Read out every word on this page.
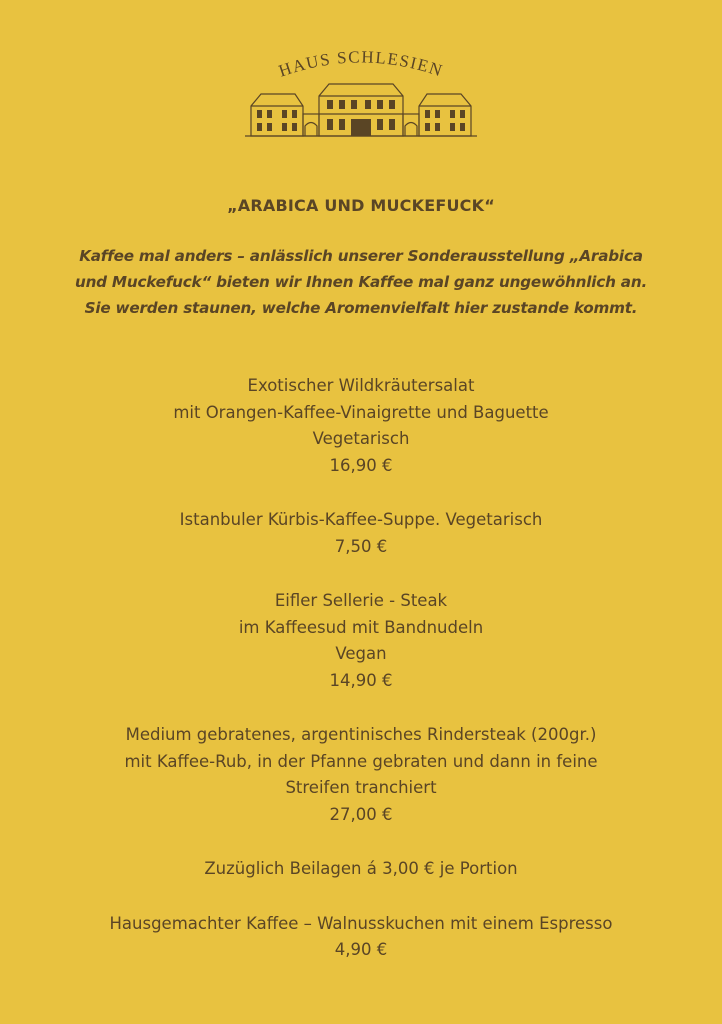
HAUS SCHLESIEN
„ARABICA UND MUCKEFUCK“
Kaffee mal anders – anlässlich unserer Sonderausstellung „Arabica
und Muckefuck“ bieten wir Ihnen Kaffee mal ganz ungewöhnlich an.
Sie werden staunen, welche Aromenvielfalt hier zustande kommt.
Exotischer Wildkräutersalat
mit Orangen-Kaffee-Vinaigrette und Baguette
Vegetarisch
16,90 €
Istanbuler Kürbis-Kaffee-Suppe. Vegetarisch
7,50 €
Eifler Sellerie - Steak
im Kaffeesud mit Bandnudeln
Vegan
14,90 €
Medium gebratenes, argentinisches Rindersteak (200gr.)
mit Kaffee-Rub, in der Pfanne gebraten und dann in feine
Streifen tranchiert
27,00 €
Zuzüglich Beilagen á 3,00 € je Portion
Hausgemachter Kaffee – Walnusskuchen mit einem Espresso
4,90 €
